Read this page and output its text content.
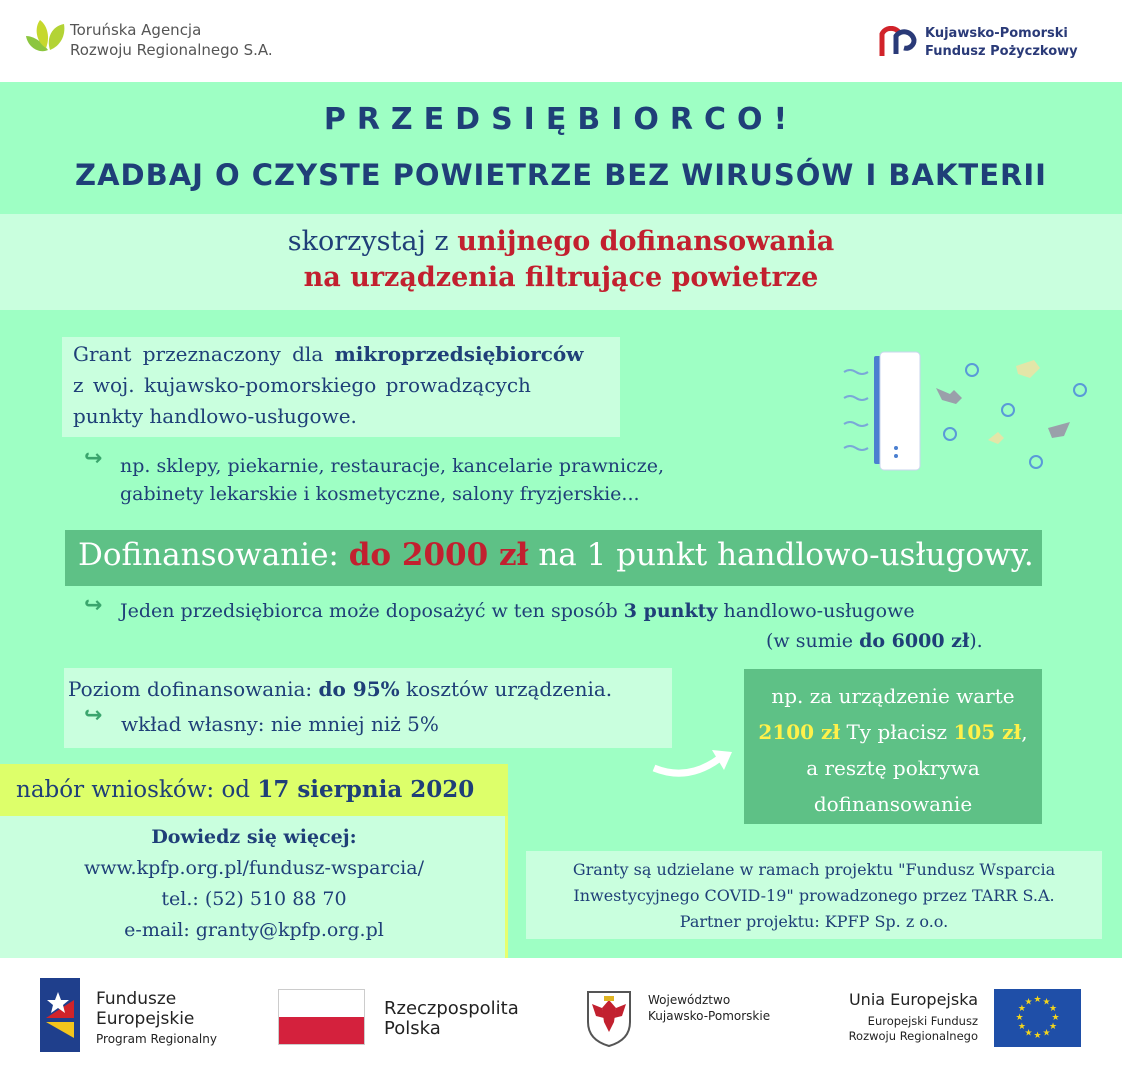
Toruńska Agencja
Rozwoju Regionalnego S.A.
Kujawsko-Pomorski
Fundusz Pożyczkowy
PRZEDSIĘBIORCO!
ZADBAJ O CZYSTE POWIETRZE BEZ WIRUSÓW I BAKTERII
skorzystaj z unijnego dofinansowania
na urządzenia filtrujące powietrze
Grant przeznaczony dla mikroprzedsiębiorców
z woj. kujawsko-pomorskiego prowadzących
punkty handlowo-usługowe.
↪ np. sklepy, piekarnie, restauracje, kancelarie prawnicze,
gabinety lekarskie i kosmetyczne, salony fryzjerskie...
Dofinansowanie: do 2000 zł na 1 punkt handlowo-usługowy.
↪ Jeden przedsiębiorca może doposażyć w ten sposób 3 punkty handlowo-usługowe
(w sumie do 6000 zł).
Poziom dofinansowania: do 95% kosztów urządzenia.
↪ wkład własny: nie mniej niż 5%
np. za urządzenie warte
2100 zł Ty płacisz 105 zł,
a resztę pokrywa
dofinansowanie
nabór wniosków: od 17 sierpnia 2020
Dowiedz się więcej:
www.kpfp.org.pl/fundusz-wsparcia/
tel.: (52) 510 88 70
e-mail: granty@kpfp.org.pl
Granty są udzielane w ramach projektu "Fundusz Wsparcia
Inwestycyjnego COVID-19" prowadzonego przez TARR S.A.
Partner projektu: KPFP Sp. z o.o.
Fundusze
Europejskie
Program Regionalny
Rzeczpospolita
Polska
Województwo
Kujawsko-Pomorskie
Unia Europejska
Europejski Fundusz
Rozwoju Regionalnego
★ ★
★
★
★
★
★
★
★
★
★
★
